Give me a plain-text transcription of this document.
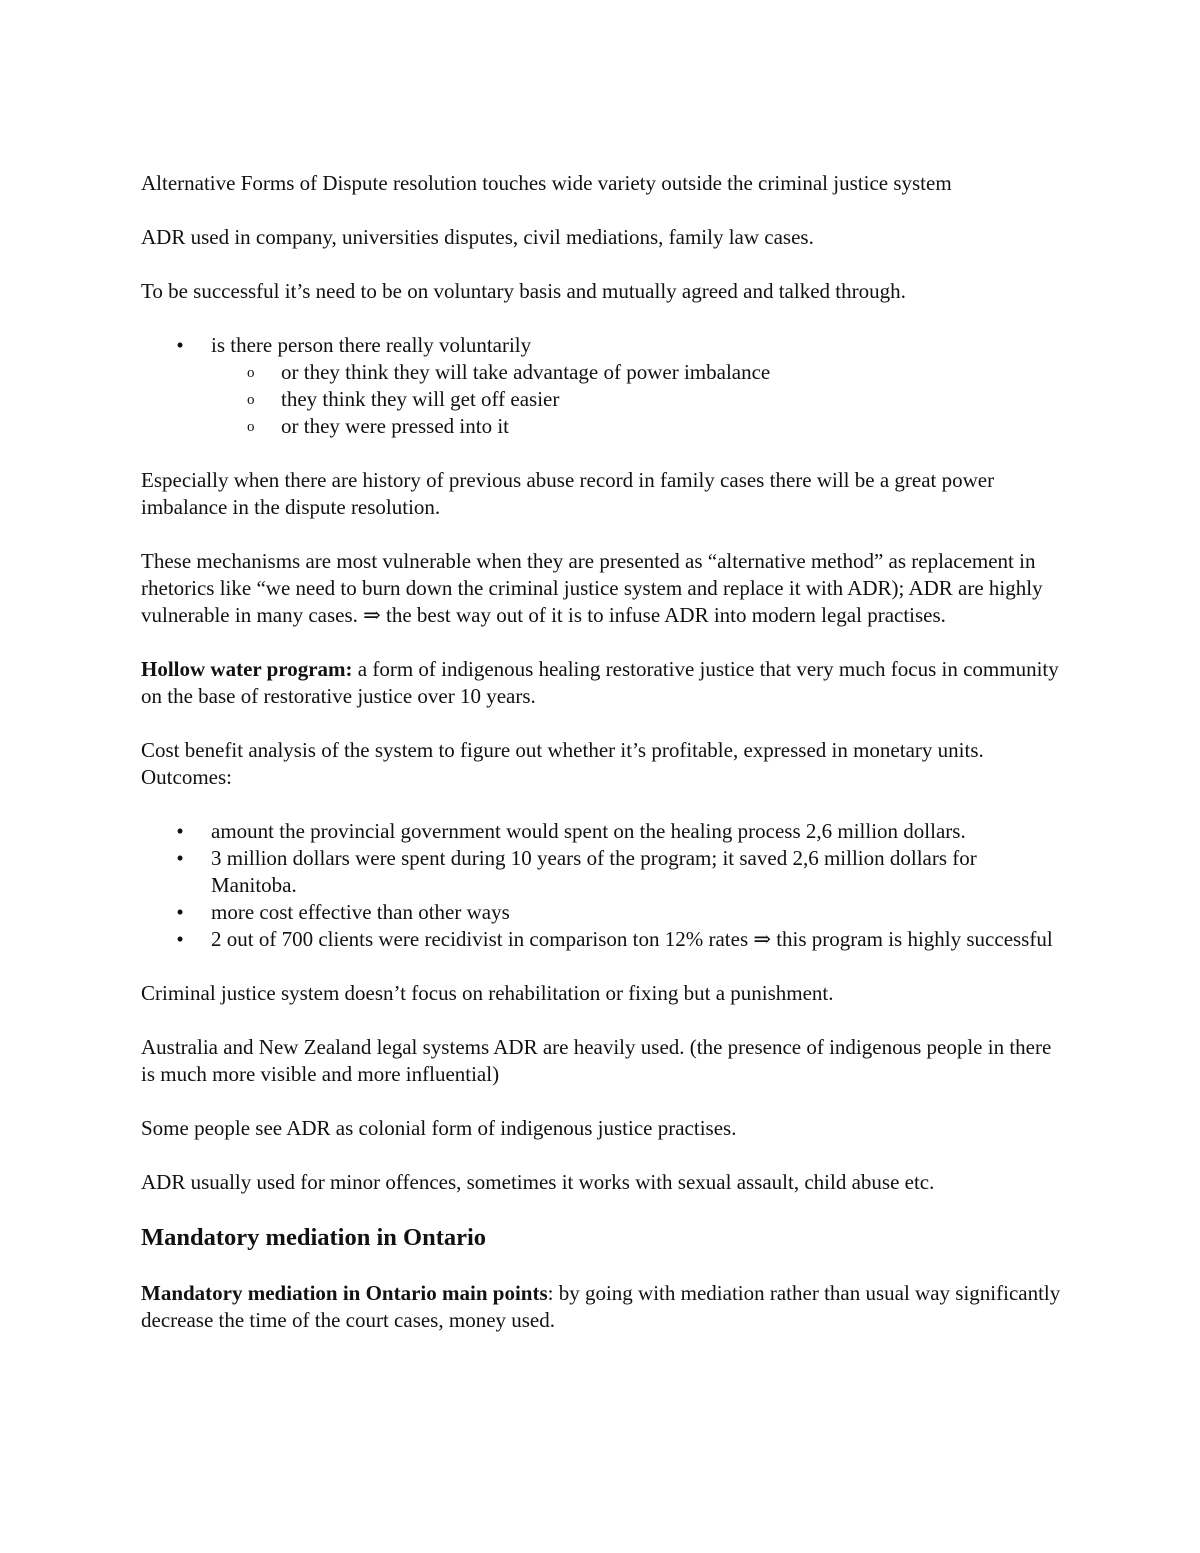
Alternative Forms of Dispute resolution touches wide variety outside the criminal justice system

ADR used in company, universities disputes, civil mediations, family law cases.

To be successful it’s need to be on voluntary basis and mutually agreed and talked through.

• is there person there really voluntarily
o or they think they will take advantage of power imbalance
o they think they will get off easier
o or they were pressed into it

Especially when there are history of previous abuse record in family cases there will be a great power imbalance in the dispute resolution.

These mechanisms are most vulnerable when they are presented as “alternative method” as replacement in rhetorics like “we need to burn down the criminal justice system and replace it with ADR); ADR are highly vulnerable in many cases. ⇒ the best way out of it is to infuse ADR into modern legal practises.

Hollow water program: a form of indigenous healing restorative justice that very much focus in community on the base of restorative justice over 10 years.

Cost benefit analysis of the system to figure out whether it’s profitable, expressed in monetary units. Outcomes:

• amount the provincial government would spent on the healing process 2,6 million dollars.
• 3 million dollars were spent during 10 years of the program; it saved 2,6 million dollars for Manitoba.
• more cost effective than other ways
• 2 out of 700 clients were recidivist in comparison ton 12% rates ⇒ this program is highly successful

Criminal justice system doesn’t focus on rehabilitation or fixing but a punishment.

Australia and New Zealand legal systems ADR are heavily used. (the presence of indigenous people in there is much more visible and more influential)

Some people see ADR as colonial form of indigenous justice practises.

ADR usually used for minor offences, sometimes it works with sexual assault, child abuse etc.

Mandatory mediation in Ontario

Mandatory mediation in Ontario main points: by going with mediation rather than usual way significantly decrease the time of the court cases, money used.
